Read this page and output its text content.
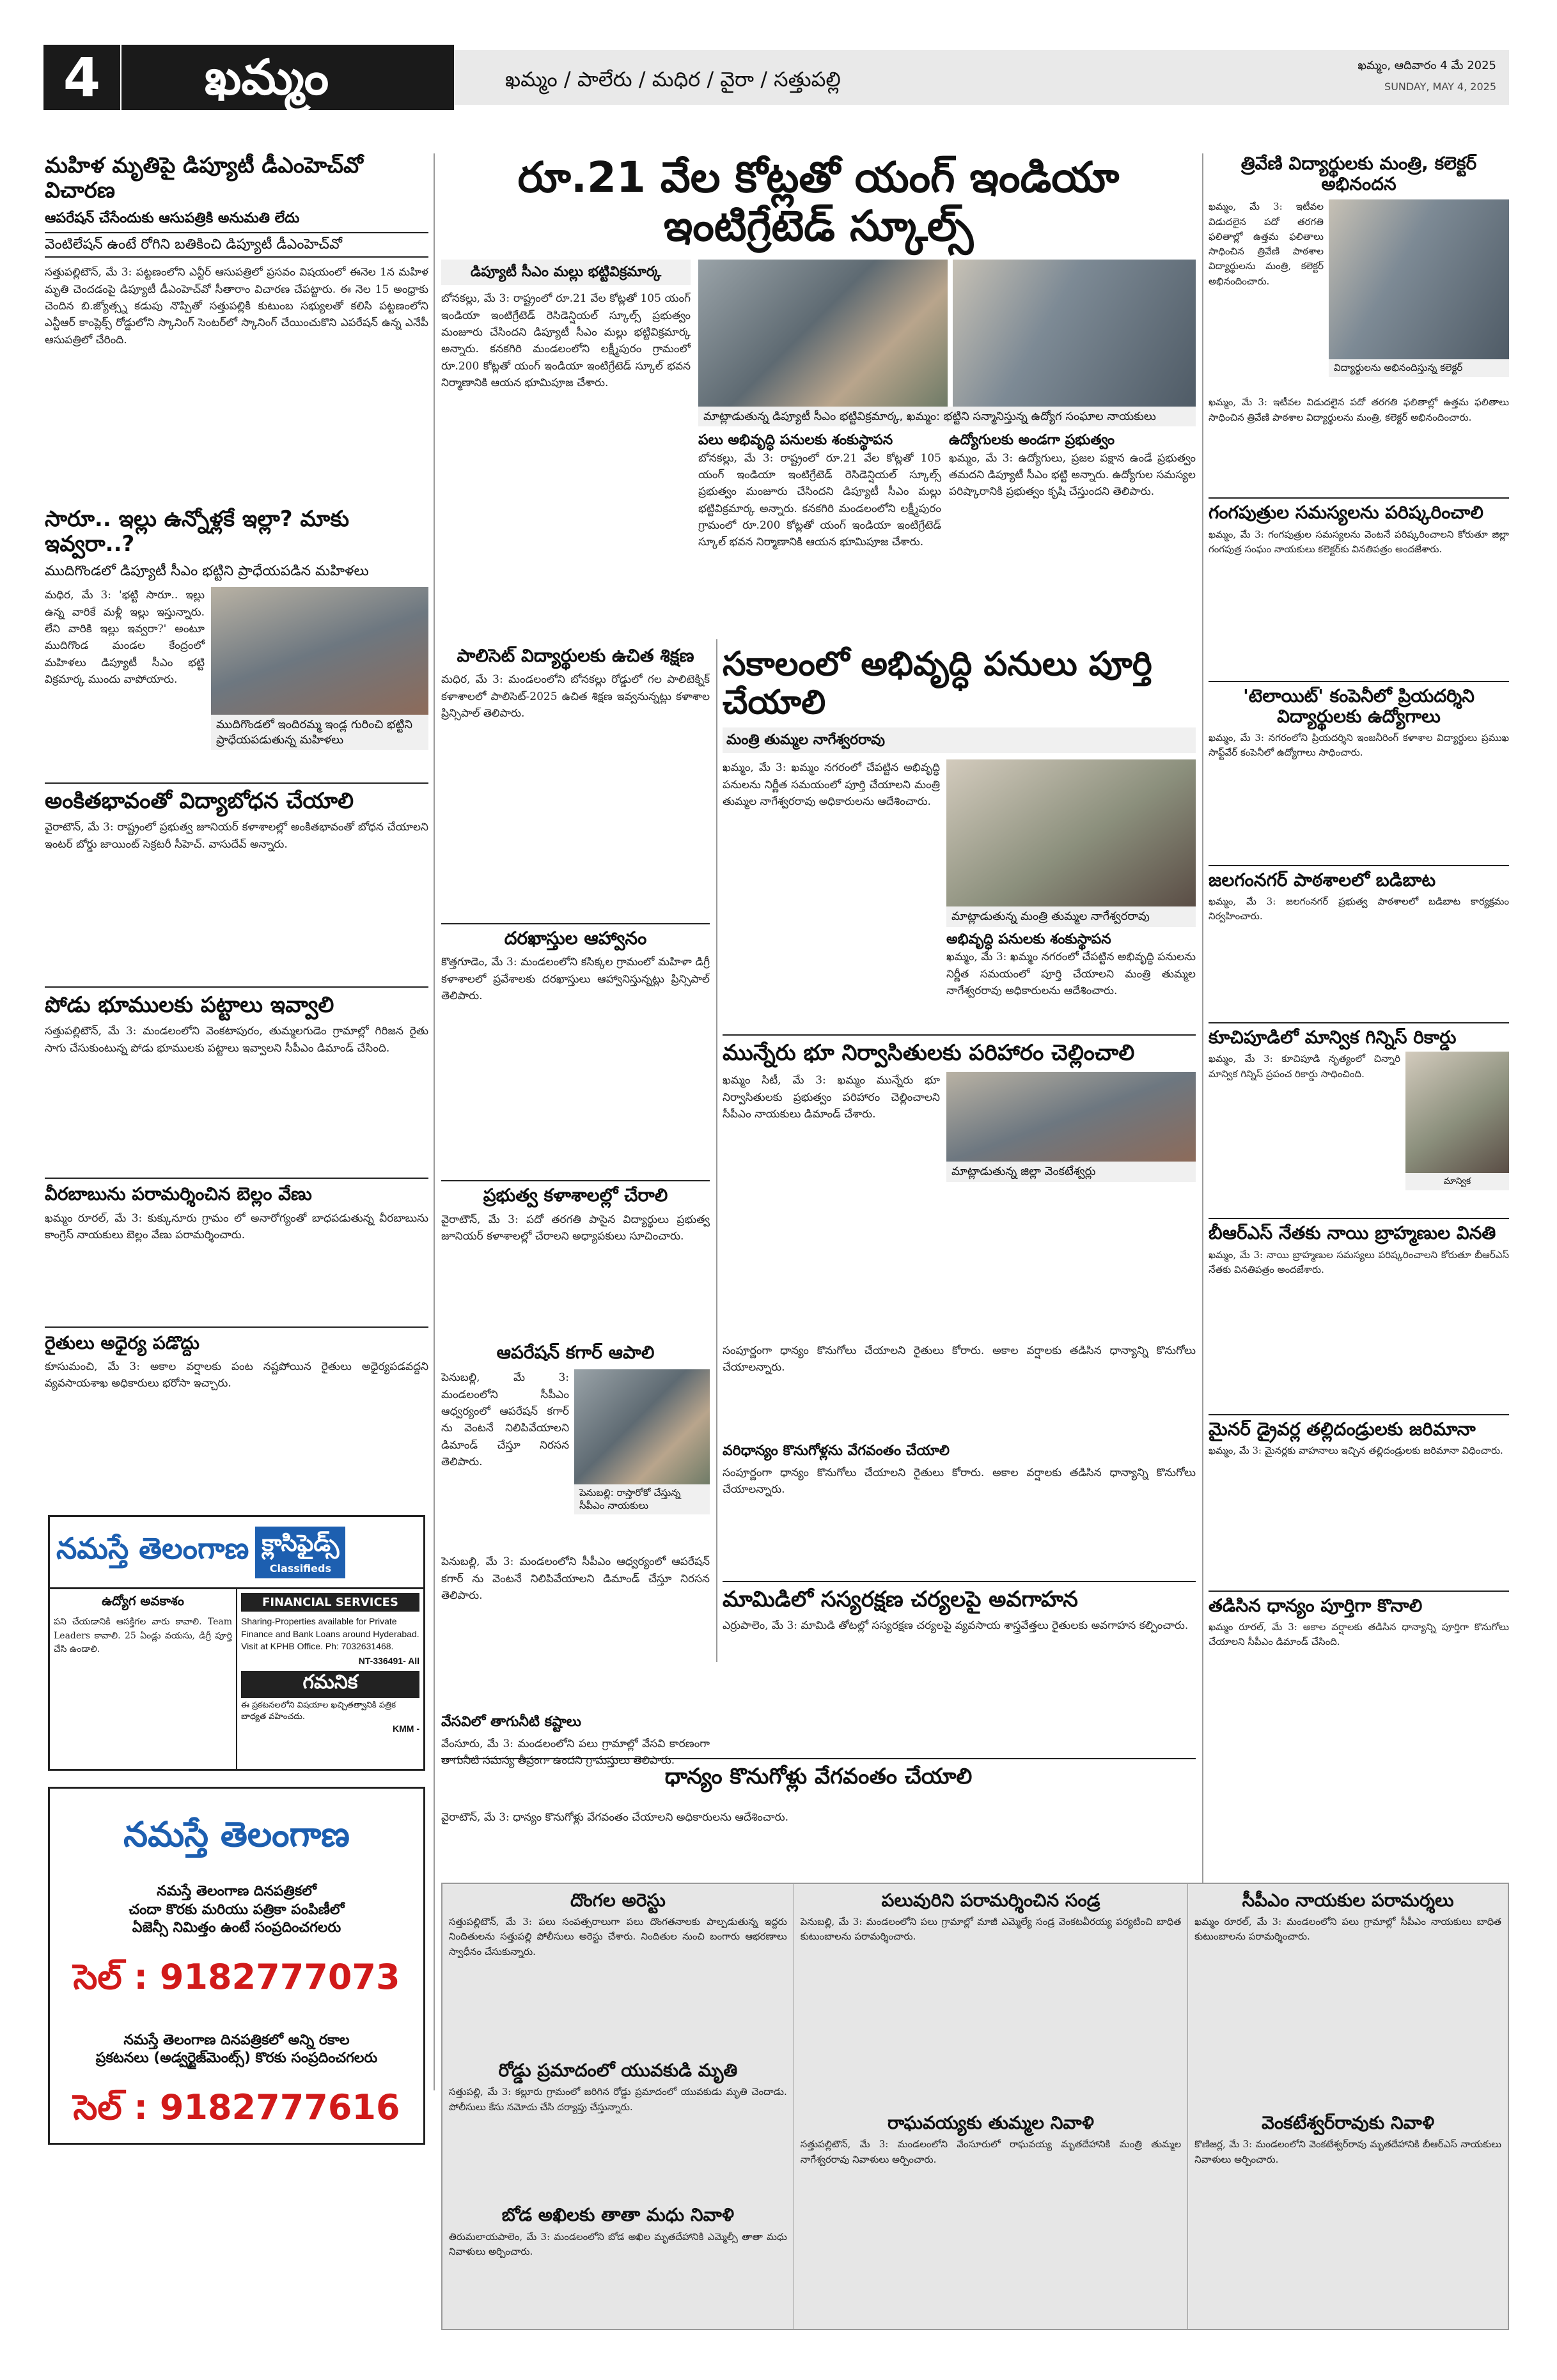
4	ఖమ్మం	ఖమ్మం / పాలేరు / మధిర / వైరా / సత్తుపల్లి
ఖమ్మం, ఆదివారం 4 మే 2025
SUNDAY, MAY 4, 2025
మహిళ మృతిపై డిప్యూటీ డీఎంహెచ్‌వో విచారణ
ఆపరేషన్ చేసేందుకు ఆసుపత్రికి అనుమతి లేదు
వెంటిలేషన్ ఉంటే రోగిని బతికించి డిప్యూటీ డీఎంహెచ్‌వో
సత్తుపల్లిటౌన్, మే 3: పట్టణంలోని ఎన్టీర్ ఆసుపత్రిలో ప్రసవం విషయంలో ఈనెల 1న మహిళ మృతి చెందడంపై డిప్యూటీ డీఎంహెచ్‌వో సీతారాం విచారణ చేపట్టారు. ఈ నెల 15 అంధ్రాకు చెందిన బి.జ్యోత్స్న కడుపు నొప్పితో సత్తుపల్లికి కుటుంబ సభ్యులతో కలిసి పట్టణంలోని ఎన్టీఆర్ కాంప్లెక్స్ రోడ్డులోని స్కానింగ్ సెంటర్‌లో స్కానింగ్ చేయించుకొని ఎపరేషన్ ఉన్న ఎనేపీ ఆసుపత్రిలో చేరింది.
సారూ.. ఇల్లు ఉన్నోళ్లకే ఇల్లా? మాకు ఇవ్వరా..?
ముదిగొండలో డిప్యూటీ సీఎం భట్టిని ప్రాధేయపడిన మహిళలు
మధిర, మే 3: 'భట్టి సారూ.. ఇల్లు ఉన్న వారికే మళ్లీ ఇల్లు ఇస్తున్నారు. లేని వారికి ఇల్లు ఇవ్వరా?' అంటూ ముదిగొండ మండల కేంద్రంలో మహిళలు డిప్యూటీ సీఎం భట్టి విక్రమార్క ముందు వాపోయారు.
ముదిగొండలో ఇందిరమ్మ ఇండ్ల గురించి భట్టిని ప్రాధేయపడుతున్న మహిళలు
అంకితభావంతో విద్యాబోధన చేయాలి
వైరాటౌన్, మే 3: రాష్ట్రంలో ప్రభుత్వ జూనియర్ కళాశాలల్లో అంకితభావంతో బోధన చేయాలని ఇంటర్ బోర్డు జాయింట్ సెక్రటరీ సీహెచ్. వాసుదేవ్ అన్నారు.
పోడు భూములకు పట్టాలు ఇవ్వాలి
సత్తుపల్లిటౌన్, మే 3: మండలంలోని వెంకటాపురం, తుమ్మలగుడెం గ్రామాల్లో గిరిజన రైతు సాగు చేసుకుంటున్న పోడు భూములకు పట్టాలు ఇవ్వాలని సీపీఎం డిమాండ్ చేసింది.
వీరబాబును పరామర్శించిన బెల్లం వేణు
ఖమ్మం రూరల్, మే 3: కుక్కునూరు గ్రామం లో అనారోగ్యంతో బాధపడుతున్న వీరబాబును కాంగ్రెస్ నాయకులు బెల్లం వేణు పరామర్శించారు.
రైతులు అధైర్య పడొద్దు
కూసుమంచి, మే 3: అకాల వర్షాలకు పంట నష్టపోయిన రైతులు అధైర్యపడవద్దని వ్యవసాయశాఖ అధికారులు భరోసా ఇచ్చారు.
నమస్తే తెలంగాణ క్లాసిఫైడ్స్
Classifieds
ఉద్యోగ అవకాశం
పని చేయడానికి ఆసక్తిగల వారు కావాలి. Team Leaders కావాలి. 25 ఏండ్లు వయసు, డిగ్రీ పూర్తి చేసి ఉండాలి.
FINANCIAL SERVICES
Sharing-Properties available for Private Finance and Bank Loans around Hyderabad. Visit at KPHB Office. Ph: 7032631468.
NT-336491- All
గమనిక
ఈ ప్రకటనలలోని విషయాల ఖచ్చితత్వానికి పత్రిక బాధ్యత వహించదు.
KMM -
నమస్తే తెలంగాణ
నమస్తే తెలంగాణ దినపత్రికలో
చందా కొరకు మరియు పత్రికా పంపిణీలో
ఏజెన్సీ నిమిత్తం ఉంటే సంప్రదించగలరు
సెల్ : 9182777073
నమస్తే తెలంగాణ దినపత్రికలో అన్ని రకాల
ప్రకటనలు (అడ్వర్టైజ్‌మెంట్స్) కొరకు సంప్రదించగలరు
సెల్ : 9182777616
రూ.21 వేల కోట్లతో యంగ్ ఇండియా ఇంటిగ్రేటెడ్ స్కూల్స్
డిప్యూటీ సీఎం మల్లు భట్టివిక్రమార్క
బోనకల్లు, మే 3: రాష్ట్రంలో రూ.21 వేల కోట్లతో 105 యంగ్ ఇండియా ఇంటిగ్రేటెడ్ రెసిడెన్షియల్ స్కూల్స్ ప్రభుత్వం మంజూరు చేసిందని డిప్యూటీ సీఎం మల్లు భట్టివిక్రమార్క అన్నారు. కనకగిరి మండలంలోని లక్ష్మీపురం గ్రామంలో రూ.200 కోట్లతో యంగ్ ఇండియా ఇంటిగ్రేటెడ్ స్కూల్ భవన నిర్మాణానికి ఆయన భూమిపూజ చేశారు.
మాట్లాడుతున్న డిప్యూటీ సీఎం భట్టివిక్రమార్క, ఖమ్మం: భట్టిని సన్మానిస్తున్న ఉద్యోగ సంఘాల నాయకులు
పలు అభివృద్ధి పనులకు శంకుస్థాపన
బోనకల్లు, మే 3: రాష్ట్రంలో రూ.21 వేల కోట్లతో 105 యంగ్ ఇండియా ఇంటిగ్రేటెడ్ రెసిడెన్షియల్ స్కూల్స్ ప్రభుత్వం మంజూరు చేసిందని డిప్యూటీ సీఎం మల్లు భట్టివిక్రమార్క అన్నారు. కనకగిరి మండలంలోని లక్ష్మీపురం గ్రామంలో రూ.200 కోట్లతో యంగ్ ఇండియా ఇంటిగ్రేటెడ్ స్కూల్ భవన నిర్మాణానికి ఆయన భూమిపూజ చేశారు.
ఉద్యోగులకు అండగా ప్రభుత్వం
ఖమ్మం, మే 3: ఉద్యోగులు, ప్రజల పక్షాన ఉండే ప్రభుత్వం తమదని డిప్యూటీ సీఎం భట్టి అన్నారు. ఉద్యోగుల సమస్యల పరిష్కారానికి ప్రభుత్వం కృషి చేస్తుందని తెలిపారు.
పాలిసెట్ విద్యార్థులకు ఉచిత శిక్షణ
మధిర, మే 3: మండలంలోని బోనకల్లు రోడ్డులో గల పాలిటెక్నిక్ కళాశాలలో పాలిసెట్-2025 ఉచిత శిక్షణ ఇవ్వనున్నట్లు కళాశాల ప్రిన్సిపాల్ తెలిపారు.
దరఖాస్తుల ఆహ్వానం
కొత్తగూడెం, మే 3: మండలంలోని కసిక్కల గ్రామంలో మహిళా డిగ్రీ కళాశాలలో ప్రవేశాలకు దరఖాస్తులు ఆహ్వానిస్తున్నట్లు ప్రిన్సిపాల్ తెలిపారు.
ప్రభుత్వ కళాశాలల్లో చేరాలి
వైరాటౌన్, మే 3: పదో తరగతి పాసైన విద్యార్థులు ప్రభుత్వ జూనియర్ కళాశాలల్లో చేరాలని అధ్యాపకులు సూచించారు.
సకాలంలో అభివృద్ధి పనులు పూర్తి చేయాలి
మంత్రి తుమ్మల నాగేశ్వరరావు
ఖమ్మం, మే 3: ఖమ్మం నగరంలో చేపట్టిన అభివృద్ధి పనులను నిర్ణీత సమయంలో పూర్తి చేయాలని మంత్రి తుమ్మల నాగేశ్వరరావు అధికారులను ఆదేశించారు.
మాట్లాడుతున్న మంత్రి తుమ్మల నాగేశ్వరరావు
అభివృద్ధి పనులకు శంకుస్థాపన
ఖమ్మం, మే 3: ఖమ్మం నగరంలో చేపట్టిన అభివృద్ధి పనులను నిర్ణీత సమయంలో పూర్తి చేయాలని మంత్రి తుమ్మల నాగేశ్వరరావు అధికారులను ఆదేశించారు.
మున్నేరు భూ నిర్వాసితులకు పరిహారం చెల్లించాలి
ఖమ్మం సిటీ, మే 3: ఖమ్మం మున్నేరు భూ నిర్వాసితులకు ప్రభుత్వం పరిహారం చెల్లించాలని సీపీఎం నాయకులు డిమాండ్ చేశారు.
మాట్లాడుతున్న జిల్లా వెంకటేశ్వర్లు
ఆపరేషన్ కగార్ ఆపాలి
పెనుబల్లి, మే 3: మండలంలోని సీపీఎం ఆధ్వర్యంలో ఆపరేషన్ కగార్ ను వెంటనే నిలిపివేయాలని డిమాండ్ చేస్తూ నిరసన తెలిపారు.
పెనుబల్లి: రాస్తారోకో చేస్తున్న సీపీఎం నాయకులు
పెనుబల్లి, మే 3: మండలంలోని సీపీఎం ఆధ్వర్యంలో ఆపరేషన్ కగార్ ను వెంటనే నిలిపివేయాలని డిమాండ్ చేస్తూ నిరసన తెలిపారు.
వేసవిలో తాగునీటి కష్టాలు
వేంసూరు, మే 3: మండలంలోని పలు గ్రామాల్లో వేసవి కారణంగా తాగునీటి సమస్య తీవ్రంగా ఉందని గ్రామస్తులు తెలిపారు.
సంపూర్ణంగా ధాన్యం కొనుగోలు చేయాలని రైతులు కోరారు. అకాల వర్షాలకు తడిసిన ధాన్యాన్ని కొనుగోలు చేయాలన్నారు.
వరిధాన్యం కొనుగోళ్లను వేగవంతం చేయాలి
సంపూర్ణంగా ధాన్యం కొనుగోలు చేయాలని రైతులు కోరారు. అకాల వర్షాలకు తడిసిన ధాన్యాన్ని కొనుగోలు చేయాలన్నారు.
మామిడిలో సస్యరక్షణ చర్యలపై అవగాహన
ఎర్రుపాలెం, మే 3: మామిడి తోటల్లో సస్యరక్షణ చర్యలపై వ్యవసాయ శాస్త్రవేత్తలు రైతులకు అవగాహన కల్పించారు.
ధాన్యం కొనుగోళ్లు వేగవంతం చేయాలి
వైరాటౌన్, మే 3: ధాన్యం కొనుగోళ్లు వేగవంతం చేయాలని అధికారులను ఆదేశించారు.
త్రివేణి విద్యార్థులకు మంత్రి, కలెక్టర్ అభినందన
ఖమ్మం, మే 3: ఇటీవల విడుదలైన పదో తరగతి ఫలితాల్లో ఉత్తమ ఫలితాలు సాధించిన త్రివేణి పాఠశాల విద్యార్థులను మంత్రి, కలెక్టర్ అభినందించారు.
విద్యార్థులను అభినందిస్తున్న కలెక్టర్
ఖమ్మం, మే 3: ఇటీవల విడుదలైన పదో తరగతి ఫలితాల్లో ఉత్తమ ఫలితాలు సాధించిన త్రివేణి పాఠశాల విద్యార్థులను మంత్రి, కలెక్టర్ అభినందించారు.
గంగపుత్రుల సమస్యలను పరిష్కరించాలి
ఖమ్మం, మే 3: గంగపుత్రుల సమస్యలను వెంటనే పరిష్కరించాలని కోరుతూ జిల్లా గంగపుత్ర సంఘం నాయకులు కలెక్టర్‌కు వినతిపత్రం అందజేశారు.
'టెలాయిట్' కంపెనీలో ప్రియదర్శిని విద్యార్థులకు ఉద్యోగాలు
ఖమ్మం, మే 3: నగరంలోని ప్రియదర్శిని ఇంజనీరింగ్ కళాశాల విద్యార్థులు ప్రముఖ సాఫ్ట్‌వేర్ కంపెనీలో ఉద్యోగాలు సాధించారు.
జలగంనగర్ పాఠశాలలో బడిబాట
ఖమ్మం, మే 3: జలగంనగర్ ప్రభుత్వ పాఠశాలలో బడిబాట కార్యక్రమం నిర్వహించారు.
కూచిపూడిలో మాన్విక గిన్నిస్ రికార్డు
ఖమ్మం, మే 3: కూచిపూడి నృత్యంలో చిన్నారి మాన్విక గిన్నిస్ ప్రపంచ రికార్డు సాధించింది.
మాన్విక
బీఆర్ఎస్ నేతకు నాయి బ్రాహ్మణుల వినతి
ఖమ్మం, మే 3: నాయి బ్రాహ్మణుల సమస్యలు పరిష్కరించాలని కోరుతూ బీఆర్ఎస్ నేతకు వినతిపత్రం అందజేశారు.
మైనర్ డ్రైవర్ల తల్లిదండ్రులకు జరిమానా
ఖమ్మం, మే 3: మైనర్లకు వాహనాలు ఇచ్చిన తల్లిదండ్రులకు జరిమానా విధించారు.
తడిసిన ధాన్యం పూర్తిగా కొనాలి
ఖమ్మం రూరల్, మే 3: అకాల వర్షాలకు తడిసిన ధాన్యాన్ని పూర్తిగా కొనుగోలు చేయాలని సీపీఎం డిమాండ్ చేసింది.
దొంగల అరెస్టు
సత్తుపల్లిటౌన్, మే 3: పలు సంపత్సరాలుగా పలు దొంగతనాలకు పాల్పడుతున్న ఇద్దరు నిందితులను సత్తుపల్లి పోలీసులు అరెస్టు చేశారు. నిందితుల నుంచి బంగారు ఆభరణాలు స్వాధీనం చేసుకున్నారు.
రోడ్డు ప్రమాదంలో యువకుడి మృతి
సత్తుపల్లి, మే 3: కల్లూరు గ్రామంలో జరిగిన రోడ్డు ప్రమాదంలో యువకుడు మృతి చెందాడు. పోలీసులు కేసు నమోదు చేసి దర్యాప్తు చేస్తున్నారు.
బోడ అఖిలకు తాతా మధు నివాళి
తిరుమలాయపాలెం, మే 3: మండలంలోని బోడ అఖిల మృతదేహానికి ఎమ్మెల్సీ తాతా మధు నివాళులు అర్పించారు.
పలువురిని పరామర్శించిన సండ్ర
పెనుబల్లి, మే 3: మండలంలోని పలు గ్రామాల్లో మాజీ ఎమ్మెల్యే సండ్ర వెంకటవీరయ్య పర్యటించి బాధిత కుటుంబాలను పరామర్శించారు.
రాఘవయ్యకు తుమ్మల నివాళి
సత్తుపల్లిటౌన్, మే 3: మండలంలోని వేంసూరులో రాఘవయ్య మృతదేహానికి మంత్రి తుమ్మల నాగేశ్వరరావు నివాళులు అర్పించారు.
సీపీఎం నాయకుల పరామర్శలు
ఖమ్మం రూరల్, మే 3: మండలంలోని పలు గ్రామాల్లో సీపీఎం నాయకులు బాధిత కుటుంబాలను పరామర్శించారు.
వెంకటేశ్వర్‌రావుకు నివాళి
కొణిజర్ల, మే 3: మండలంలోని వెంకటేశ్వర్‌రావు మృతదేహానికి బీఆర్ఎస్ నాయకులు నివాళులు అర్పించారు.
